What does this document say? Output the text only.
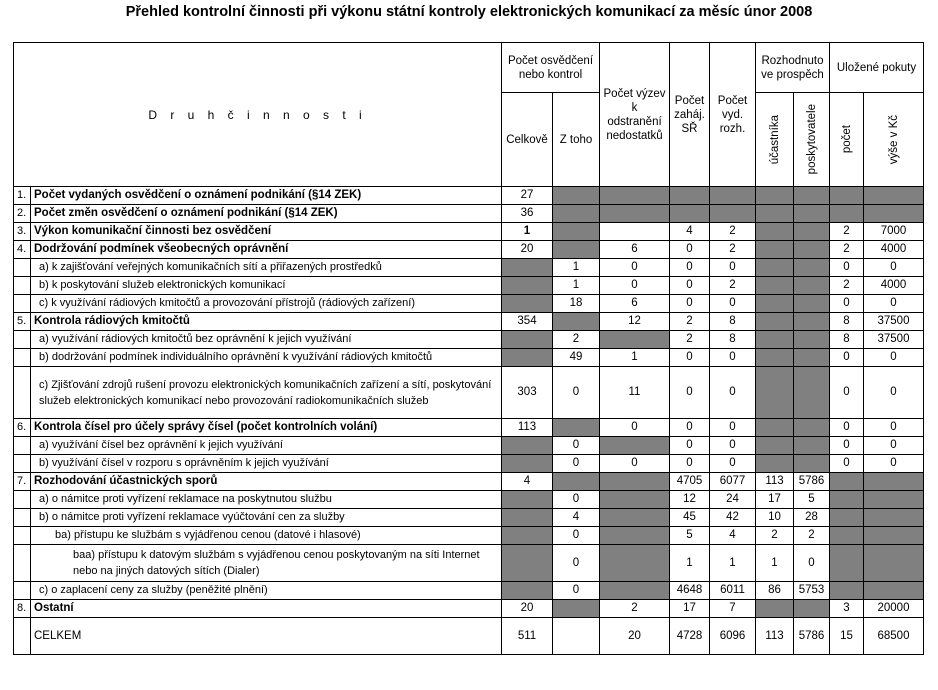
Přehled kontrolní činnosti při výkonu státní kontroly elektronických komunikací za měsíc únor 2008
D r u h č i n n o s t i		Počet osvědčení nebo kontrol		Počet výzev k odstranění nedostatků	Počet zaháj. SŘ	Počet vyd. rozh.	Rozhodnuto ve prospěch		Uložené pokuty	
		Celkově	Z toho				účastníka	poskytovatele	počet	výše v Kč

1.	Počet vydaných osvědčení o oznámení podnikání (§14 ZEK)	27								
2.	Počet změn osvědčení o oznámení podnikání (§14 ZEK)	36								
3.	Výkon komunikační činnosti bez osvědčení	1			4	2			2	7000
4.	Dodržování podmínek všeobecných oprávnění	20		6	0	2			2	4000
	a) k zajišťování veřejných komunikačních sítí a přiřazených prostředků		1	0	0	0			0	0
	b) k poskytování služeb elektronických komunikací		1	0	0	2			2	4000
	c) k využívání rádiových kmitočtů a provozování přístrojů (rádiových zařízení)		18	6	0	0			0	0
5.	Kontrola rádiových kmitočtů	354		12	2	8			8	37500
	a) využívání rádiových kmitočtů bez oprávnění k jejich využívání		2		2	8			8	37500
	b) dodržování podmínek individuálního oprávnění k využívání rádiových kmitočtů		49	1	0	0			0	0
	c) Zjišťování zdrojů rušení provozu elektronických komunikačních zařízení a sítí, poskytování služeb elektronických komunikací nebo provozování radiokomunikačních služeb	303	0	11	0	0			0	0
6.	Kontrola čísel pro účely správy čísel (počet kontrolních volání)	113		0	0	0			0	0
	a) využívání čísel bez oprávnění k jejich využívání		0		0	0			0	0
	b) využívání čísel v rozporu s oprávněním k jejich využívání		0	0	0	0			0	0
7.	Rozhodování účastnických sporů	4			4705	6077	113	5786		
	a) o námitce proti vyřízení reklamace na poskytnutou službu		0		12	24	17	5		
	b) o námitce proti vyřízení reklamace vyúčtování cen za služby		4		45	42	10	28		
	ba) přístupu ke službám s vyjádřenou cenou (datové i hlasové)		0		5	4	2	2		
	baa) přístupu k datovým službám s vyjádřenou cenou poskytovaným na síti Internet nebo na jiných datových sítích (Dialer)		0		1	1	1	0		
	c) o zaplacení ceny za služby (peněžité plnění)		0		4648	6011	86	5753		
8.	Ostatní	20		2	17	7			3	20000
	CELKEM	511		20	4728	6096	113	5786	15	68500
